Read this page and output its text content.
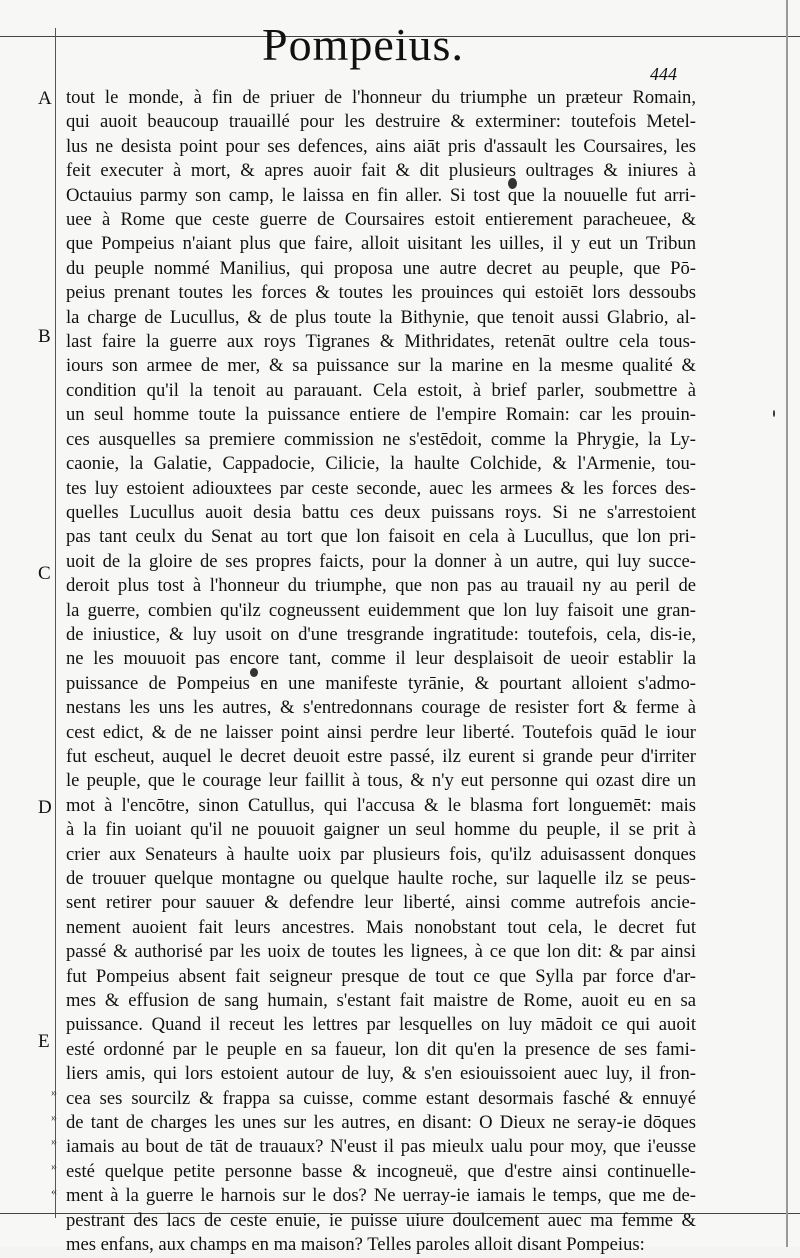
Pompeius.
444
A
B
C
D
E
»
»
»
»
«
tout le monde, à fin de priuer de l'honneur du triumphe un præteur Romain,
qui auoit beaucoup trauaillé pour les destruire & exterminer: toutefois Metel-
lus ne desista point pour ses defences, ains aiāt pris d'assault les Coursaires, les
feit executer à mort, & apres auoir fait & dit plusieurs oultrages & iniures à
Octauius parmy son camp, le laissa en fin aller. Si tost que la nouuelle fut arri-
uee à Rome que ceste guerre de Coursaires estoit entierement paracheuee, &
que Pompeius n'aiant plus que faire, alloit uisitant les uilles, il y eut un Tribun
du peuple nommé Manilius, qui proposa une autre decret au peuple, que Pō-
peius prenant toutes les forces & toutes les prouinces qui estoiēt lors dessoubs
la charge de Lucullus, & de plus toute la Bithynie, que tenoit aussi Glabrio, al-
last faire la guerre aux roys Tigranes & Mithridates, retenāt oultre cela tous-
iours son armee de mer, & sa puissance sur la marine en la mesme qualité &
condition qu'il la tenoit au parauant. Cela estoit, à brief parler, soubmettre à
un seul homme toute la puissance entiere de l'empire Romain: car les prouin-
ces ausquelles sa premiere commission ne s'estēdoit, comme la Phrygie, la Ly-
caonie, la Galatie, Cappadocie, Cilicie, la haulte Colchide, & l'Armenie, tou-
tes luy estoient adiouxtees par ceste seconde, auec les armees & les forces des-
quelles Lucullus auoit desia battu ces deux puissans roys. Si ne s'arrestoient
pas tant ceulx du Senat au tort que lon faisoit en cela à Lucullus, que lon pri-
uoit de la gloire de ses propres faicts, pour la donner à un autre, qui luy succe-
deroit plus tost à l'honneur du triumphe, que non pas au trauail ny au peril de
la guerre, combien qu'ilz cogneussent euidemment que lon luy faisoit une gran-
de iniustice, & luy usoit on d'une tresgrande ingratitude: toutefois, cela, dis-ie,
ne les mouuoit pas encore tant, comme il leur desplaisoit de ueoir establir la
puissance de Pompeius en une manifeste tyrānie, & pourtant alloient s'admo-
nestans les uns les autres, & s'entredonnans courage de resister fort & ferme à
cest edict, & de ne laisser point ainsi perdre leur liberté. Toutefois quād le iour
fut escheut, auquel le decret deuoit estre passé, ilz eurent si grande peur d'irriter
le peuple, que le courage leur faillit à tous, & n'y eut personne qui ozast dire un
mot à l'encōtre, sinon Catullus, qui l'accusa & le blasma fort longuemēt: mais
à la fin uoiant qu'il ne pouuoit gaigner un seul homme du peuple, il se prit à
crier aux Senateurs à haulte uoix par plusieurs fois, qu'ilz aduisassent donques
de trouuer quelque montagne ou quelque haulte roche, sur laquelle ilz se peus-
sent retirer pour sauuer & defendre leur liberté, ainsi comme autrefois ancie-
nement auoient fait leurs ancestres. Mais nonobstant tout cela, le decret fut
passé & authorisé par les uoix de toutes les lignees, à ce que lon dit: & par ainsi
fut Pompeius absent fait seigneur presque de tout ce que Sylla par force d'ar-
mes & effusion de sang humain, s'estant fait maistre de Rome, auoit eu en sa
puissance. Quand il receut les lettres par lesquelles on luy mādoit ce qui auoit
esté ordonné par le peuple en sa faueur, lon dit qu'en la presence de ses fami-
liers amis, qui lors estoient autour de luy, & s'en esiouissoient auec luy, il fron-
cea ses sourcilz & frappa sa cuisse, comme estant desormais fasché & ennuyé
de tant de charges les unes sur les autres, en disant: O Dieux ne seray-ie dōques
iamais au bout de tāt de trauaux? N'eust il pas mieulx ualu pour moy, que i'eusse
esté quelque petite personne basse & incogneuë, que d'estre ainsi continuelle-
ment à la guerre le harnois sur le dos? Ne uerray-ie iamais le temps, que me de-
pestrant des lacs de ceste enuie, ie puisse uiure doulcement auec ma femme &
mes enfans, aux champs en ma maison? Telles paroles alloit disant Pompeius:
